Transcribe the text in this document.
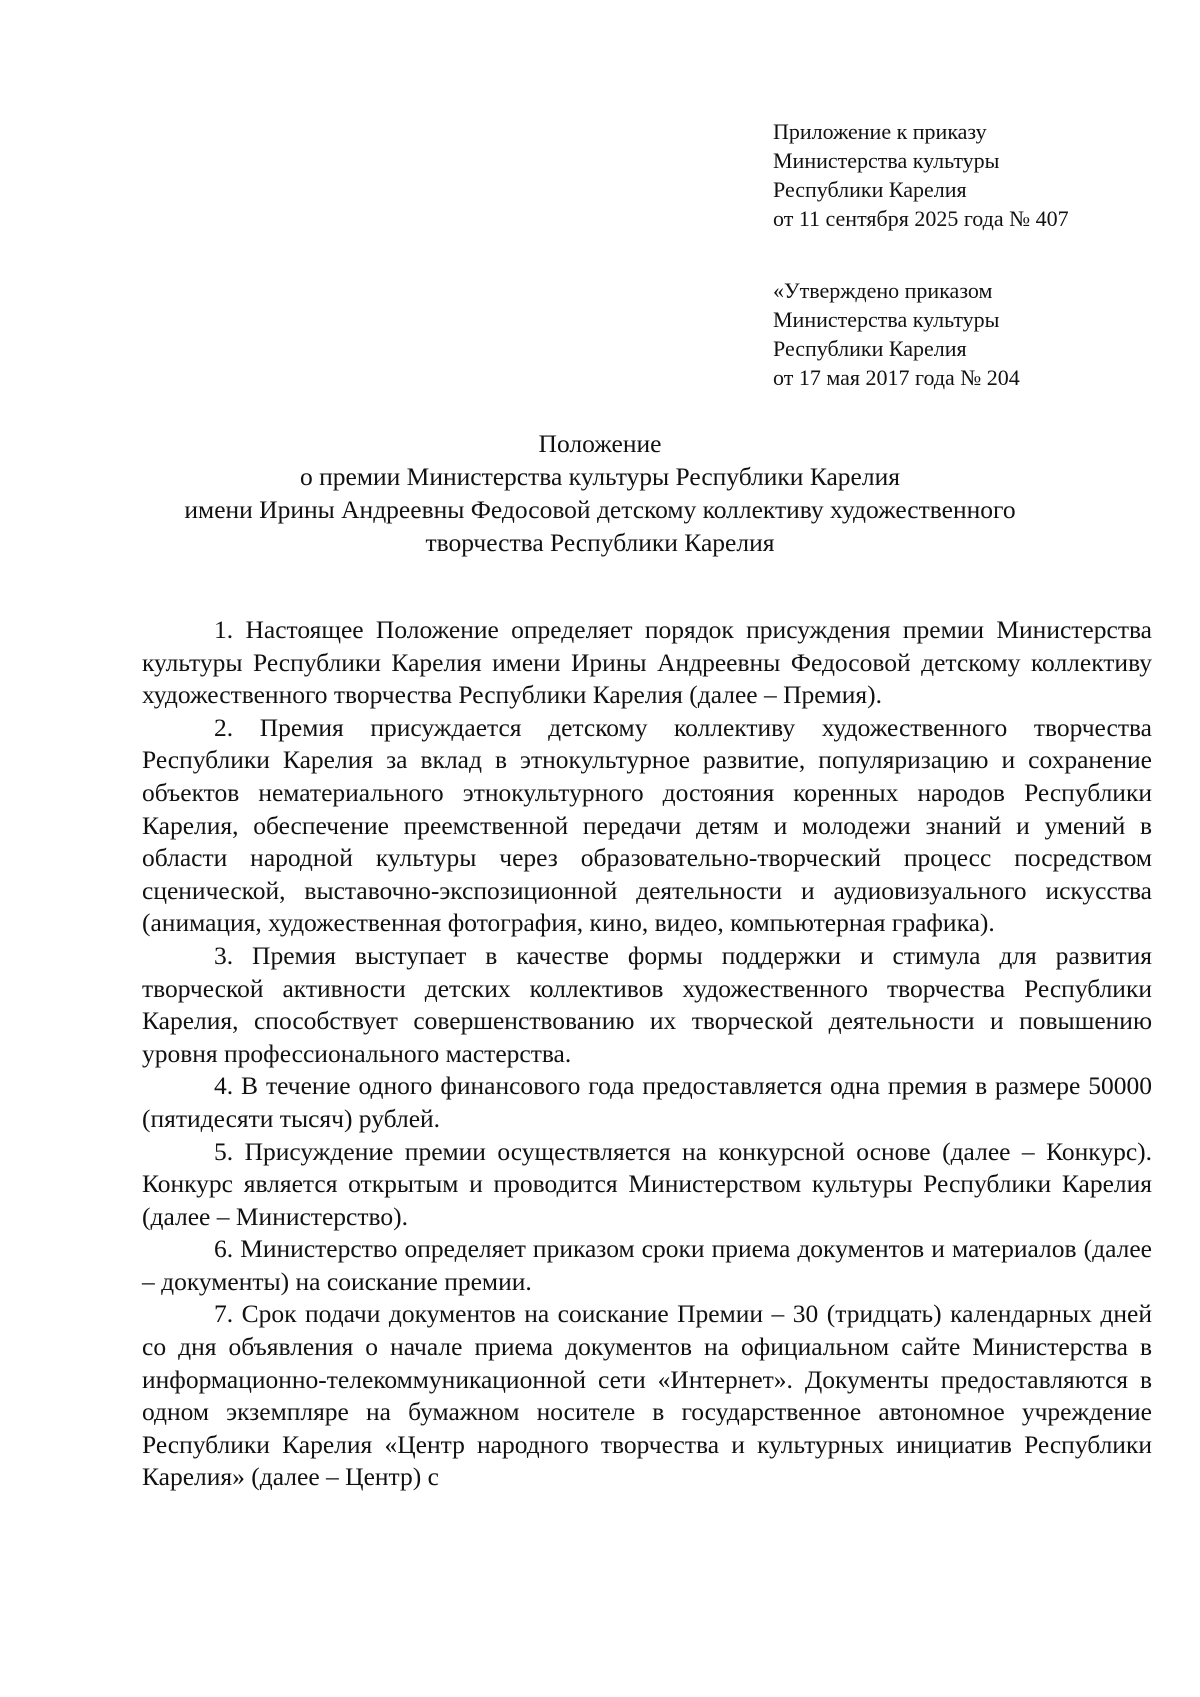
Приложение к приказу
Министерства культуры
Республики Карелия
от 11 сентября 2025 года № 407
«Утверждено приказом
Министерства культуры
Республики Карелия
от 17 мая 2017 года № 204
Положение
о премии Министерства культуры Республики Карелия
имени Ирины Андреевны Федосовой детскому коллективу художественного
творчества Республики Карелия

1. Настоящее Положение определяет порядок присуждения премии Министерства культуры Республики Карелия имени Ирины Андреевны Федосовой детскому коллективу художественного творчества Республики Карелия (далее – Премия).

2. Премия присуждается детскому коллективу художественного творчества Республики Карелия за вклад в этнокультурное развитие, популяризацию и сохранение объектов нематериального этнокультурного достояния коренных народов Республики Карелия, обеспечение преемственной передачи детям и молодежи знаний и умений в области народной культуры через образовательно-творческий процесс посредством сценической, выставочно-экспозиционной деятельности и аудиовизуального искусства (анимация, художественная фотография, кино, видео, компьютерная графика).

3. Премия выступает в качестве формы поддержки и стимула для развития творческой активности детских коллективов художественного творчества Республики Карелия, способствует совершенствованию их творческой деятельности и повышению уровня профессионального мастерства.

4. В течение одного финансового года предоставляется одна премия в размере 50000 (пятидесяти тысяч) рублей.

5. Присуждение премии осуществляется на конкурсной основе (далее – Конкурс). Конкурс является открытым и проводится Министерством культуры Республики Карелия (далее – Министерство).

6. Министерство определяет приказом сроки приема документов и материалов (далее – документы) на соискание премии.

7. Срок подачи документов на соискание Премии – 30 (тридцать) календарных дней со дня объявления о начале приема документов на официальном сайте Министерства в информационно-телекоммуникационной сети «Интернет». Документы предоставляются в одном экземпляре на бумажном носителе в государственное автономное учреждение Республики Карелия «Центр народного творчества и культурных инициатив Республики Карелия» (далее – Центр) с
